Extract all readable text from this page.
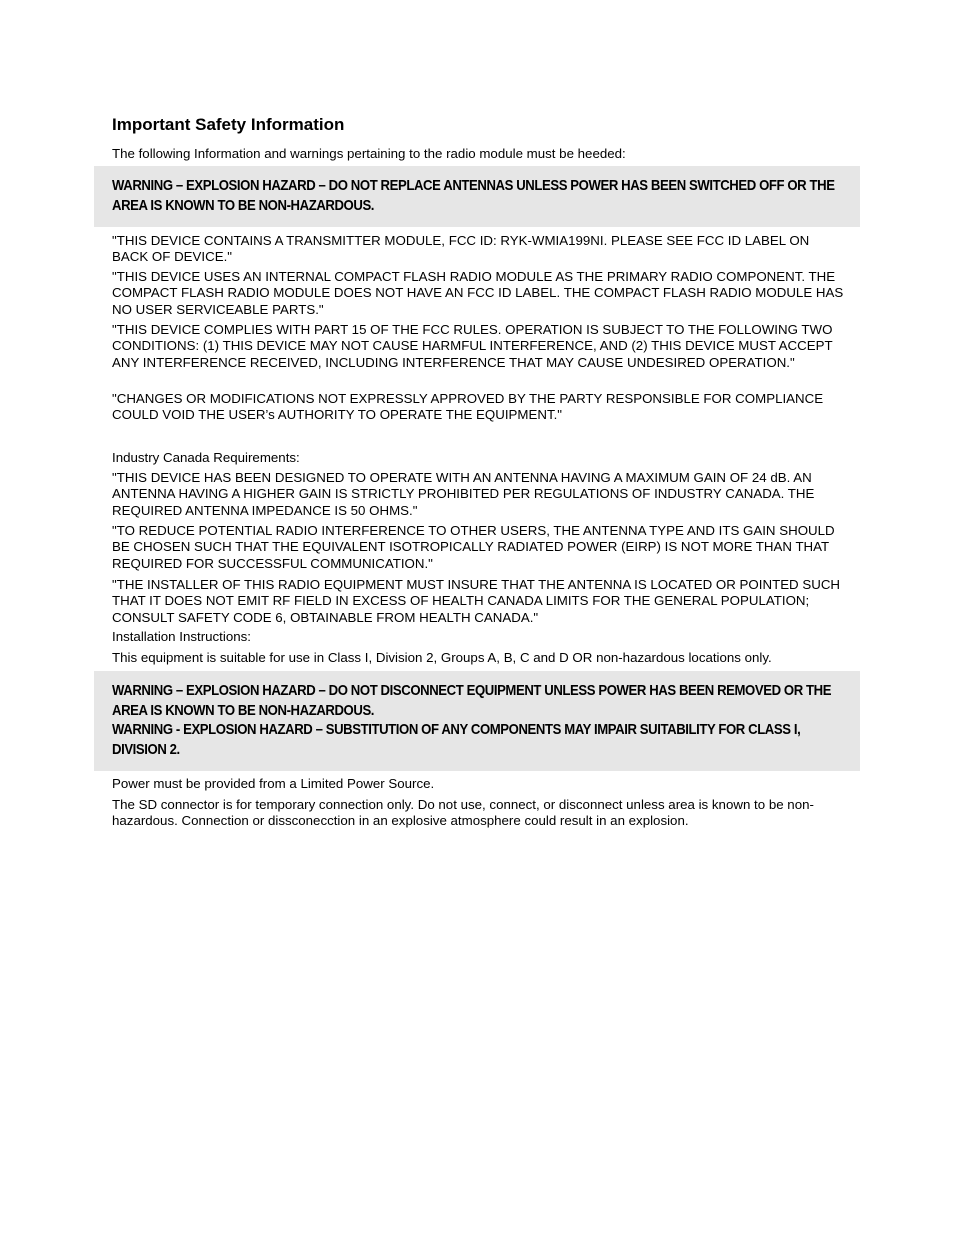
Important Safety Information

The following Information and warnings pertaining to the radio module must be heeded:

WARNING – EXPLOSION HAZARD – DO NOT REPLACE ANTENNAS UNLESS POWER HAS BEEN SWITCHED OFF OR THE AREA IS KNOWN TO BE NON-HAZARDOUS.

"THIS DEVICE CONTAINS A TRANSMITTER MODULE, FCC ID: RYK-WMIA199NI. PLEASE SEE FCC ID LABEL ON BACK OF DEVICE."

"THIS DEVICE USES AN INTERNAL COMPACT FLASH RADIO MODULE AS THE PRIMARY RADIO COMPONENT. THE COMPACT FLASH RADIO MODULE DOES NOT HAVE AN FCC ID LABEL. THE COMPACT FLASH RADIO MODULE HAS NO USER SERVICEABLE PARTS."

"THIS DEVICE COMPLIES WITH PART 15 OF THE FCC RULES. OPERATION IS SUBJECT TO THE FOLLOWING TWO CONDITIONS: (1) THIS DEVICE MAY NOT CAUSE HARMFUL INTERFERENCE, AND (2) THIS DEVICE MUST ACCEPT ANY INTERFERENCE RECEIVED, INCLUDING INTERFERENCE THAT MAY CAUSE UNDESIRED OPERATION."

"CHANGES OR MODIFICATIONS NOT EXPRESSLY APPROVED BY THE PARTY RESPONSIBLE FOR COMPLIANCE COULD VOID THE USER’s AUTHORITY TO OPERATE THE EQUIPMENT."

Industry Canada Requirements:

"THIS DEVICE HAS BEEN DESIGNED TO OPERATE WITH AN ANTENNA HAVING A MAXIMUM GAIN OF 24 dB. AN ANTENNA HAVING A HIGHER GAIN IS STRICTLY PROHIBITED PER REGULATIONS OF INDUSTRY CANADA. THE REQUIRED ANTENNA IMPEDANCE IS 50 OHMS."

"TO REDUCE POTENTIAL RADIO INTERFERENCE TO OTHER USERS, THE ANTENNA TYPE AND ITS GAIN SHOULD BE CHOSEN SUCH THAT THE EQUIVALENT ISOTROPICALLY RADIATED POWER (EIRP) IS NOT MORE THAN THAT REQUIRED FOR SUCCESSFUL COMMUNICATION."

"THE INSTALLER OF THIS RADIO EQUIPMENT MUST INSURE THAT THE ANTENNA IS LOCATED OR POINTED SUCH THAT IT DOES NOT EMIT RF FIELD IN EXCESS OF HEALTH CANADA LIMITS FOR THE GENERAL POPULATION; CONSULT SAFETY CODE 6, OBTAINABLE FROM HEALTH CANADA."

Installation Instructions:

This equipment is suitable for use in Class I, Division 2, Groups A, B, C and D OR non-hazardous locations only.

WARNING – EXPLOSION HAZARD – DO NOT DISCONNECT EQUIPMENT UNLESS POWER HAS BEEN REMOVED OR THE AREA IS KNOWN TO BE NON-HAZARDOUS.

WARNING - EXPLOSION HAZARD – SUBSTITUTION OF ANY COMPONENTS MAY IMPAIR SUITABILITY FOR CLASS I, DIVISION 2.

Power must be provided from a Limited Power Source.

The SD connector is for temporary connection only. Do not use, connect, or disconnect unless area is known to be non-hazardous. Connection or dissconecction in an explosive atmosphere could result in an explosion.
